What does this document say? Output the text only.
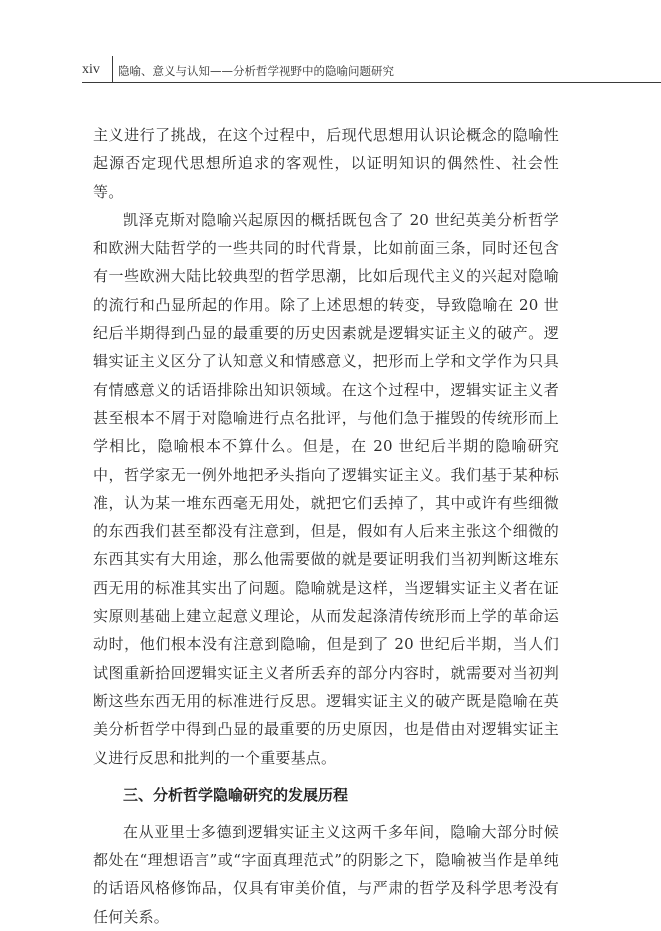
xiv 隐喻、意义与认知——分析哲学视野中的隐喻问题研究

主义进行了挑战，在这个过程中，后现代思想用认识论概念的隐喻性起源否定现代思想所追求的客观性，以证明知识的偶然性、社会性等。

凯泽克斯对隐喻兴起原因的概括既包含了 20 世纪英美分析哲学和欧洲大陆哲学的一些共同的时代背景，比如前面三条，同时还包含有一些欧洲大陆比较典型的哲学思潮，比如后现代主义的兴起对隐喻的流行和凸显所起的作用。除了上述思想的转变，导致隐喻在 20 世纪后半期得到凸显的最重要的历史因素就是逻辑实证主义的破产。逻辑实证主义区分了认知意义和情感意义，把形而上学和文学作为只具有情感意义的话语排除出知识领域。在这个过程中，逻辑实证主义者甚至根本不屑于对隐喻进行点名批评，与他们急于摧毁的传统形而上学相比，隐喻根本不算什么。但是，在 20 世纪后半期的隐喻研究中，哲学家无一例外地把矛头指向了逻辑实证主义。我们基于某种标准，认为某一堆东西毫无用处，就把它们丢掉了，其中或许有些细微的东西我们甚至都没有注意到，但是，假如有人后来主张这个细微的东西其实有大用途，那么他需要做的就是要证明我们当初判断这堆东西无用的标准其实出了问题。隐喻就是这样，当逻辑实证主义者在证实原则基础上建立起意义理论，从而发起涤清传统形而上学的革命运动时，他们根本没有注意到隐喻，但是到了 20 世纪后半期，当人们试图重新拾回逻辑实证主义者所丢弃的部分内容时，就需要对当初判断这些东西无用的标准进行反思。逻辑实证主义的破产既是隐喻在英美分析哲学中得到凸显的最重要的历史原因，也是借由对逻辑实证主义进行反思和批判的一个重要基点。

三、分析哲学隐喻研究的发展历程

在从亚里士多德到逻辑实证主义这两千多年间，隐喻大部分时候都处在“理想语言”或“字面真理范式”的阴影之下，隐喻被当作是单纯的话语风格修饰品，仅具有审美价值，与严肃的哲学及科学思考没有任何关系。
